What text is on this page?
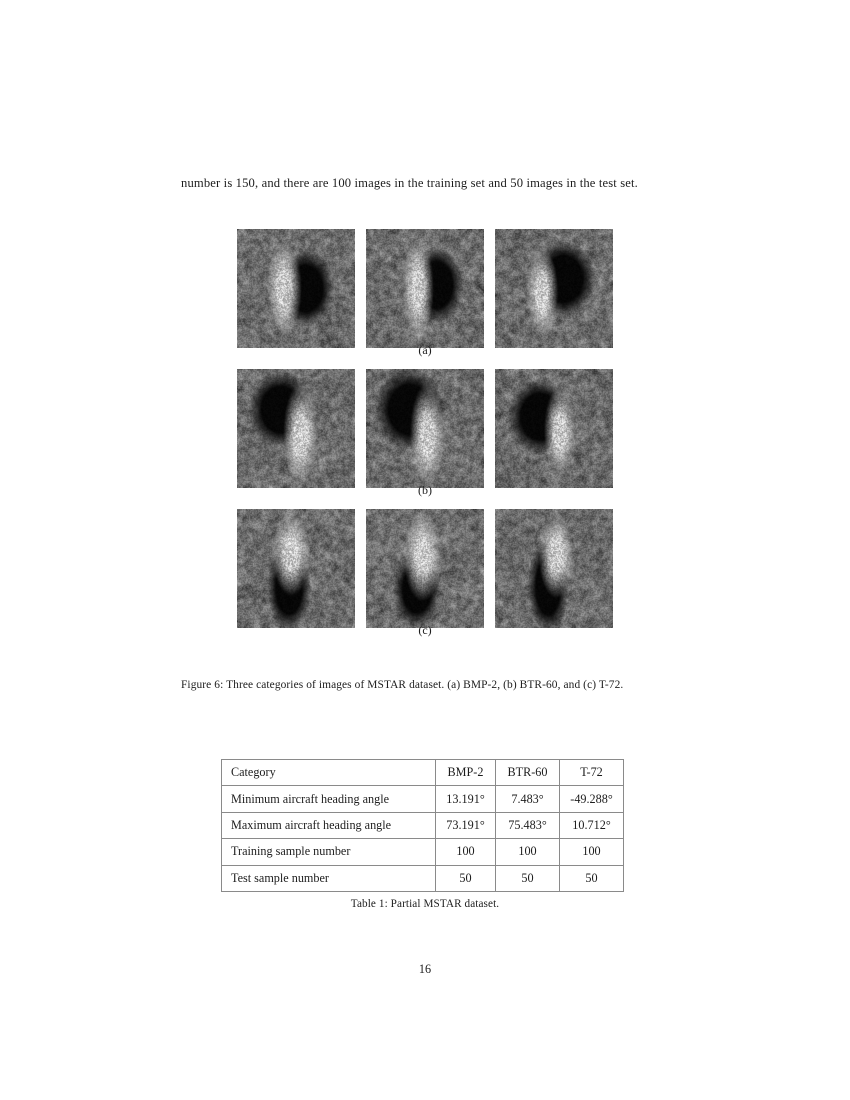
number is 150, and there are 100 images in the training set and 50 images in the test set.
(a)
(b)
(c)
Figure 6: Three categories of images of MSTAR dataset. (a) BMP-2, (b) BTR-60, and (c) T-72.
Category	BMP-2	BTR-60	T-72
Minimum aircraft heading angle	13.191°	7.483°	-49.288°
Maximum aircraft heading angle	73.191°	75.483°	10.712°
Training sample number	100	100	100
Test sample number	50	50	50
Table 1: Partial MSTAR dataset.
16
